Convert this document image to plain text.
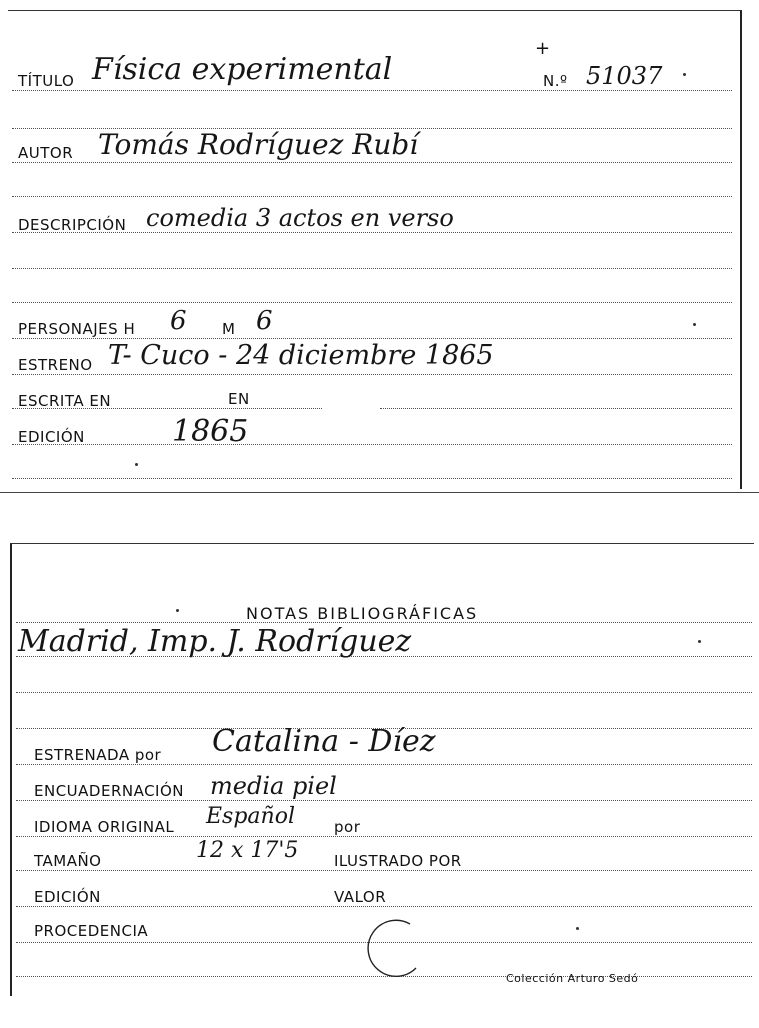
+
TÍTULO Física experimental	N.º 51037
AUTOR Tomás Rodríguez Rubí
DESCRIPCIÓN comedia 3 actos en verso
PERSONAJES H 6 M 6
ESTRENO T- Cuco - 24 diciembre 1865
ESCRITA EN	EN
EDICIÓN	1865
NOTAS BIBLIOGRÁFICAS
Madrid, Imp. J. Rodríguez
ESTRENADA por Catalina - Díez
ENCUADERNACIÓN media piel
IDIOMA ORIGINAL Español	por
TAMAÑO	12 x 17'5 ILUSTRADO POR
EDICIÓN	VALOR
PROCEDENCIA
Colección Arturo Sedó
